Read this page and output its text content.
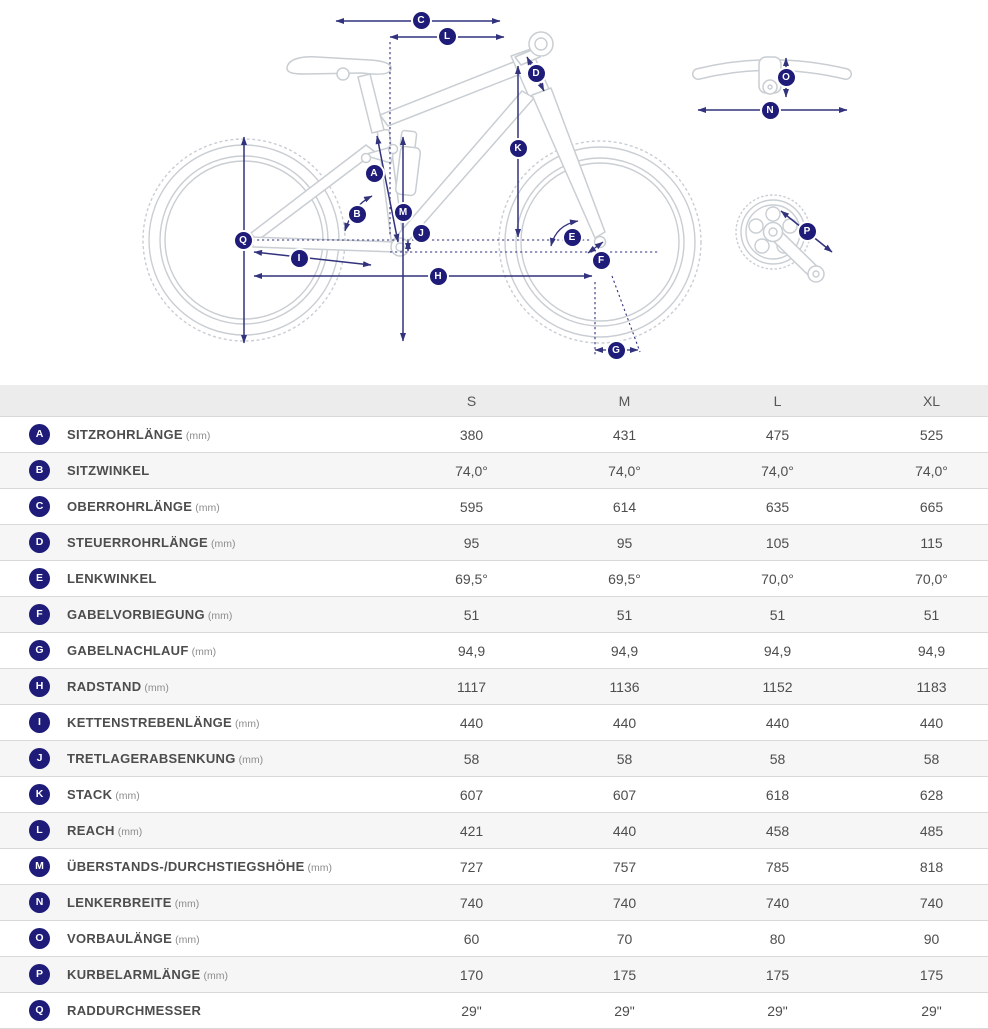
A
B
C
D
E
F
G
H
I
J
K
L
M
N
O
P
Q
		S	M	L	XL
A	SITZROHRLÄNGE (mm)	380	431	475	525
B	SITZWINKEL	74,0°	74,0°	74,0°	74,0°
C	OBERROHRLÄNGE (mm)	595	614	635	665
D	STEUERROHRLÄNGE (mm)	95	95	105	115
E	LENKWINKEL	69,5°	69,5°	70,0°	70,0°
F	GABELVORBIEGUNG (mm)	51	51	51	51
G	GABELNACHLAUF (mm)	94,9	94,9	94,9	94,9
H	RADSTAND (mm)	1117	1136	1152	1183
I	KETTENSTREBENLÄNGE (mm)	440	440	440	440
J	TRETLAGERABSENKUNG (mm)	58	58	58	58
K	STACK (mm)	607	607	618	628
L	REACH (mm)	421	440	458	485
M	ÜBERSTANDS-/DURCHSTIEGSHÖHE (mm)	727	757	785	818
N	LENKERBREITE (mm)	740	740	740	740
O	VORBAULÄNGE (mm)	60	70	80	90
P	KURBELARMLÄNGE (mm)	170	175	175	175
Q	RADDURCHMESSER	29"	29"	29"	29"
